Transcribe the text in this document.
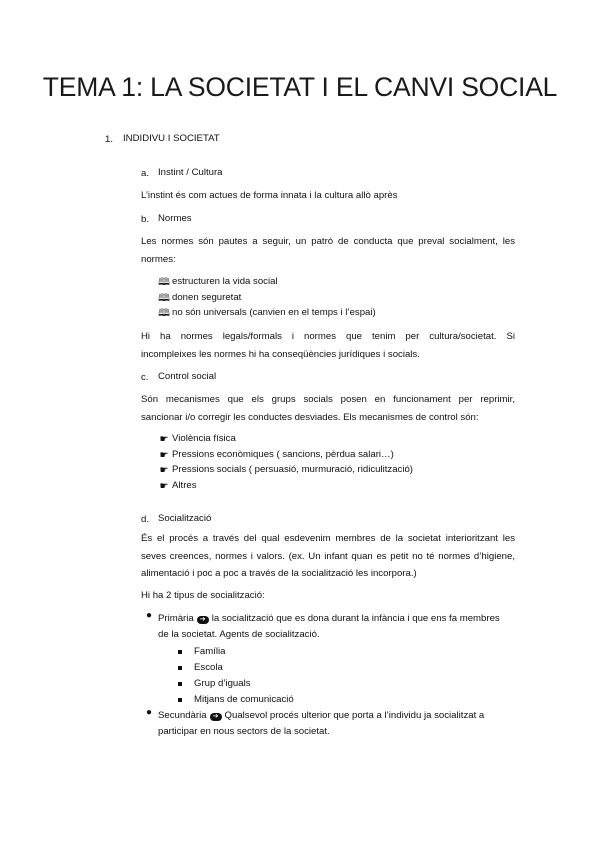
TEMA 1: LA SOCIETAT I EL CANVI SOCIAL
1. INDIDIVU I SOCIETAT
a. Instint / Cultura
L’instint és com actues de forma innata i la cultura allò après
b. Normes
Les normes són pautes a seguir, un patró de conducta que preval socialment, les
normes:
🕮 estructuren la vida social
🕮 donen seguretat
🕮 no són universals (canvien en el temps i l’espai)
Hi ha normes legals/formals i normes que tenim per cultura/societat. Si
incompleixes les normes hi ha conseqüències jurídiques i socials.
c. Control social
Són mecanismes que els grups socials posen en funcionament per reprimir,
sancionar i/o corregir les conductes desviades. Els mecanismes de control són:
☛ Violència física
☛ Pressions econòmiques ( sancions, pèrdua salari…)
☛ Pressions socials ( persuasió, murmuració, ridiculització)
☛ Altres
d. Socialització
És el procés a través del qual esdevenim membres de la societat interioritzant les
seves creences, normes i valors. (ex. Un infant quan es petit no té normes d’higiene,
alimentació i poc a poc a través de la socialització les incorpora.)
Hi ha 2 tipus de socialització:
● Primària ➔ la socialització que es dona durant la infància i que ens fa membres
de la societat. Agents de socialització.
Família
Escola
Grup d’iguals
Mitjans de comunicació
● Secundària ➔ Qualsevol procés ulterior que porta a l’individu ja socialitzat a
participar en nous sectors de la societat.
